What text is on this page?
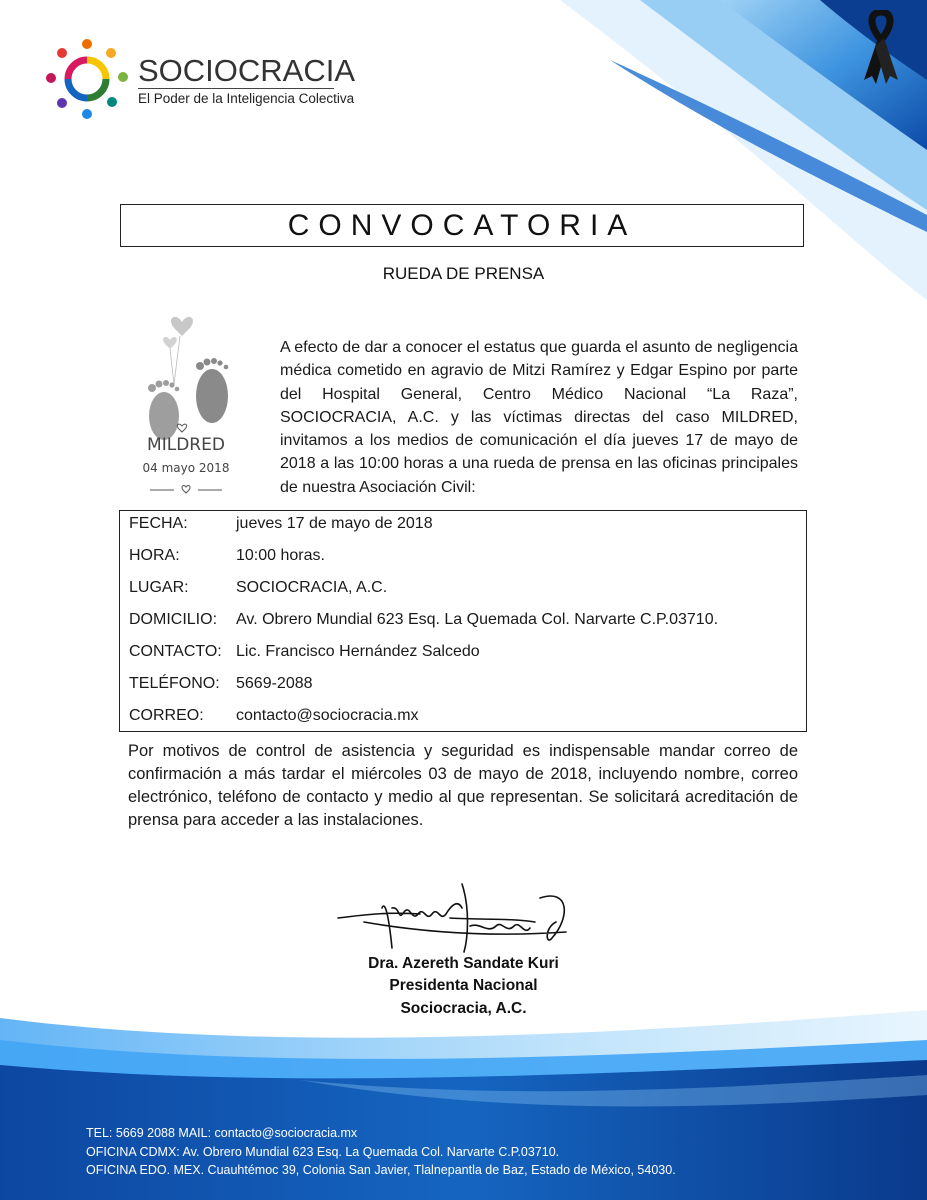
SOCIOCRACIA
El Poder de la Inteligencia Colectiva
CONVOCATORIA
RUEDA DE PRENSA
MILDRED
04 mayo 2018
A efecto de dar a conocer el estatus que guarda el asunto de negligencia médica cometido en agravio de Mitzi Ramírez y Edgar Espino por parte del Hospital General, Centro Médico Nacional “La Raza”, SOCIOCRACIA, A.C. y las víctimas directas del caso MILDRED, invitamos a los medios de comunicación el día jueves 17 de mayo de 2018 a las 10:00 horas a una rueda de prensa en las oficinas principales de nuestra Asociación Civil:
FECHA:	jueves 17 de mayo de 2018
HORA:	10:00 horas.
LUGAR:	SOCIOCRACIA, A.C.
DOMICILIO:	Av. Obrero Mundial 623 Esq. La Quemada Col. Narvarte C.P.03710.
CONTACTO: Lic. Francisco Hernández Salcedo
TELÉFONO:	5669-2088
CORREO:	contacto@sociocracia.mx
Por motivos de control de asistencia y seguridad es indispensable mandar correo de confirmación a más tardar el miércoles 03 de mayo de 2018, incluyendo nombre, correo electrónico, teléfono de contacto y medio al que representan. Se solicitará acreditación de prensa para acceder a las instalaciones.
Dra. Azereth Sandate Kuri
Presidenta Nacional
Sociocracia, A.C.
TEL: 5669 2088 MAIL: contacto@sociocracia.mx
OFICINA CDMX: Av. Obrero Mundial 623 Esq. La Quemada Col. Narvarte C.P.03710.
OFICINA EDO. MEX. Cuauhtémoc 39, Colonia San Javier, Tlalnepantla de Baz, Estado de México, 54030.
